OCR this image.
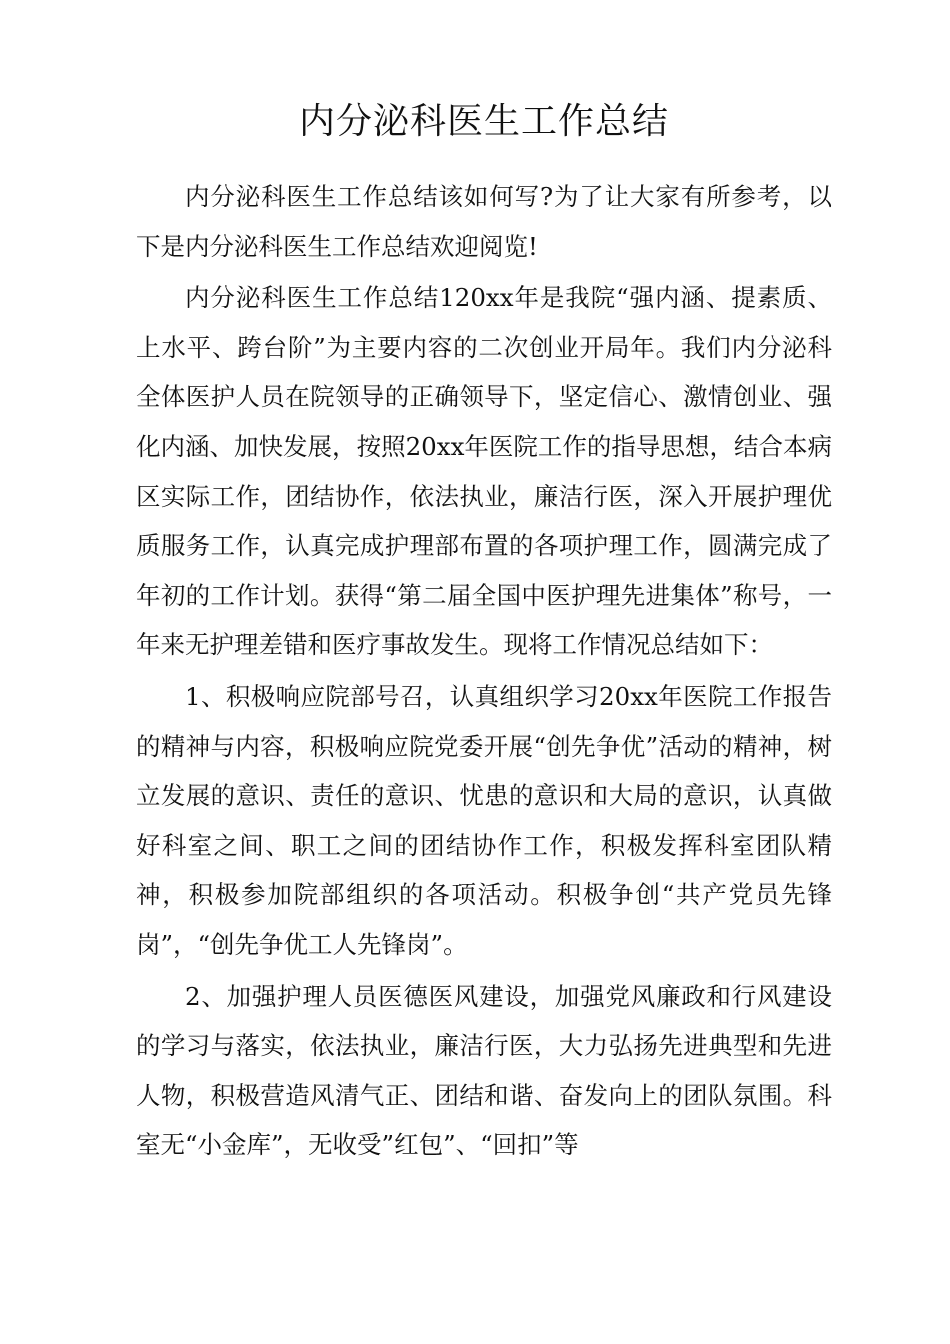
内分泌科医生工作总结

内分泌科医生工作总结该如何写?为了让大家有所参考，以下是内分泌科医生工作总结欢迎阅览!

内分泌科医生工作总结120xx年是我院“强内涵、提素质、上水平、跨台阶”为主要内容的二次创业开局年。我们内分泌科全体医护人员在院领导的正确领导下，坚定信心、激情创业、强化内涵、加快发展，按照20xx年医院工作的指导思想，结合本病区实际工作，团结协作，依法执业，廉洁行医，深入开展护理优质服务工作，认真完成护理部布置的各项护理工作，圆满完成了年初的工作计划。获得“第二届全国中医护理先进集体”称号，一年来无护理差错和医疗事故发生。现将工作情况总结如下：

1、积极响应院部号召，认真组织学习20xx年医院工作报告的精神与内容，积极响应院党委开展“创先争优”活动的精神，树立发展的意识、责任的意识、忧患的意识和大局的意识，认真做好科室之间、职工之间的团结协作工作，积极发挥科室团队精神，积极参加院部组织的各项活动。积极争创“共产党员先锋岗”，“创先争优工人先锋岗”。

2、加强护理人员医德医风建设，加强党风廉政和行风建设的学习与落实，依法执业，廉洁行医，大力弘扬先进典型和先进人物，积极营造风清气正、团结和谐、奋发向上的团队氛围。科室无“小金库”，无收受”红包”、“回扣”等
